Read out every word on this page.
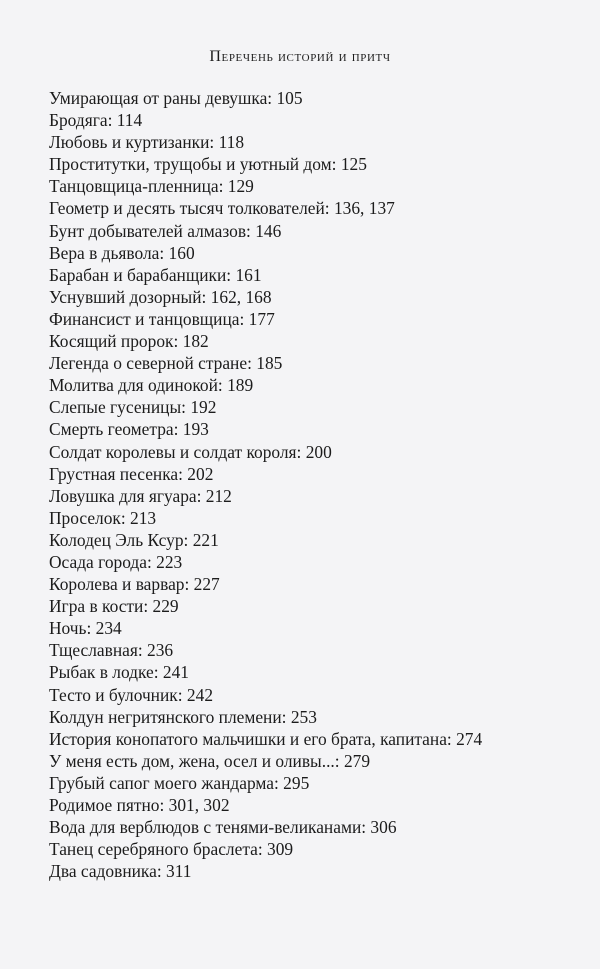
Перечень историй и притч
Умирающая от раны девушка: 105
Бродяга: 114
Любовь и куртизанки: 118
Проститутки, трущобы и уютный дом: 125
Танцовщица-пленница: 129
Геометр и десять тысяч толкователей: 136, 137
Бунт добывателей алмазов: 146
Вера в дьявола: 160
Барабан и барабанщики: 161
Уснувший дозорный: 162, 168
Финансист и танцовщица: 177
Косящий пророк: 182
Легенда о северной стране: 185
Молитва для одинокой: 189
Слепые гусеницы: 192
Смерть геометра: 193
Солдат королевы и солдат короля: 200
Грустная песенка: 202
Ловушка для ягуара: 212
Проселок: 213
Колодец Эль Ксур: 221
Осада города: 223
Королева и варвар: 227
Игра в кости: 229
Ночь: 234
Тщеславная: 236
Рыбак в лодке: 241
Тесто и булочник: 242
Колдун негритянского племени: 253
История конопатого мальчишки и его брата, капитана: 274
У меня есть дом, жена, осел и оливы...: 279
Грубый сапог моего жандарма: 295
Родимое пятно: 301, 302
Вода для верблюдов с тенями-великанами: 306
Танец серебряного браслета: 309
Два садовника: 311
